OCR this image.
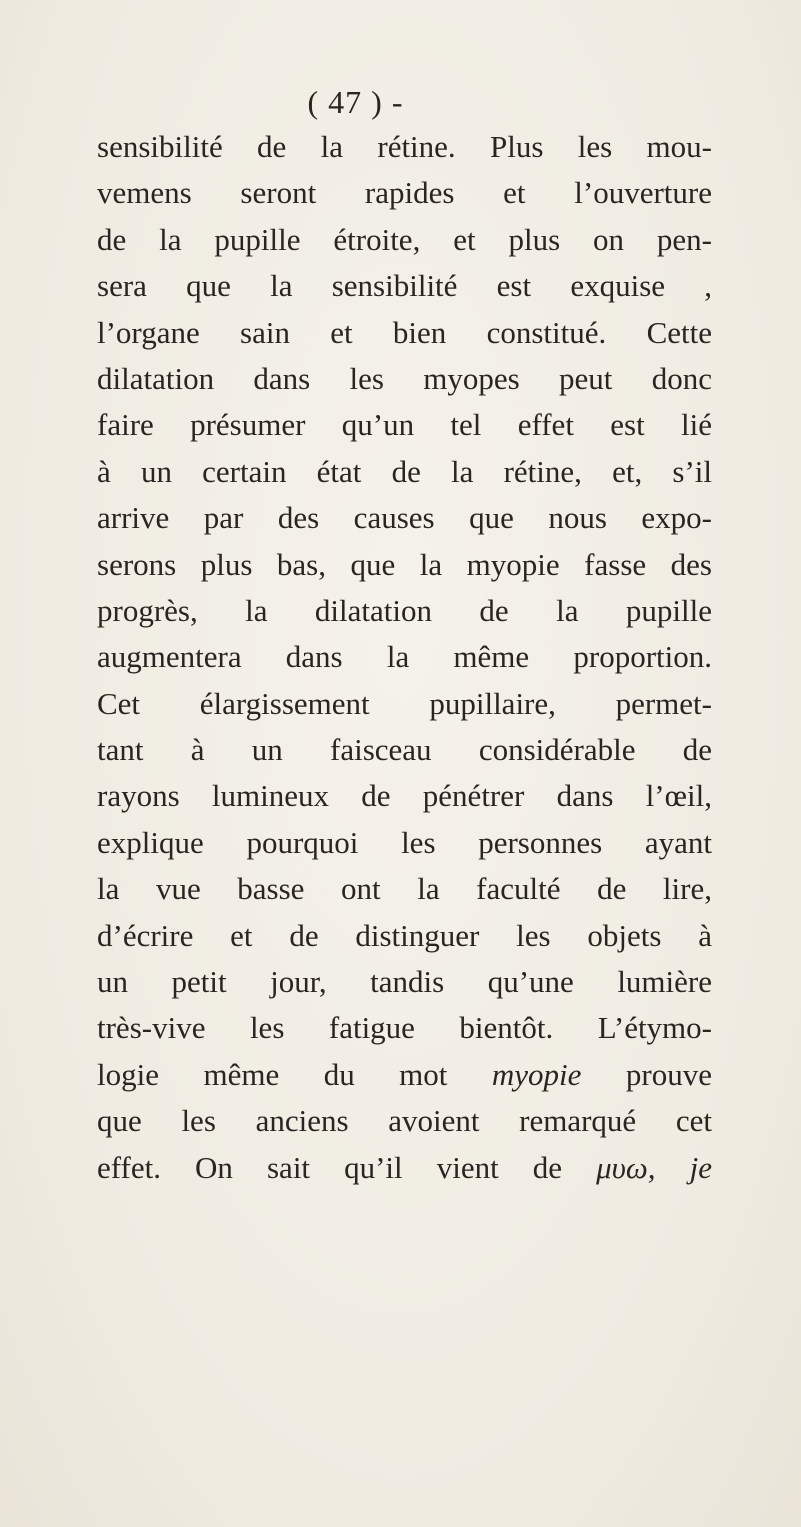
( 47 ) -
sensibilité de la rétine. Plus les mou-
vemens seront rapides et l’ouverture
de la pupille étroite, et plus on pen-
sera que la sensibilité est exquise ,
l’organe sain et bien constitué. Cette
dilatation dans les myopes peut donc
faire présumer qu’un tel effet est lié
à un certain état de la rétine, et, s’il
arrive par des causes que nous expo-
serons plus bas, que la myopie fasse des
progrès, la dilatation de la pupille
augmentera dans la même proportion.
Cet élargissement pupillaire, permet-
tant à un faisceau considérable de
rayons lumineux de pénétrer dans l’œil,
explique pourquoi les personnes ayant
la vue basse ont la faculté de lire,
d’écrire et de distinguer les objets à
un petit jour, tandis qu’une lumière
très-vive les fatigue bientôt. L’étymo-
logie même du mot myopie prouve
que les anciens avoient remarqué cet
effet. On sait qu’il vient de μυω, je
